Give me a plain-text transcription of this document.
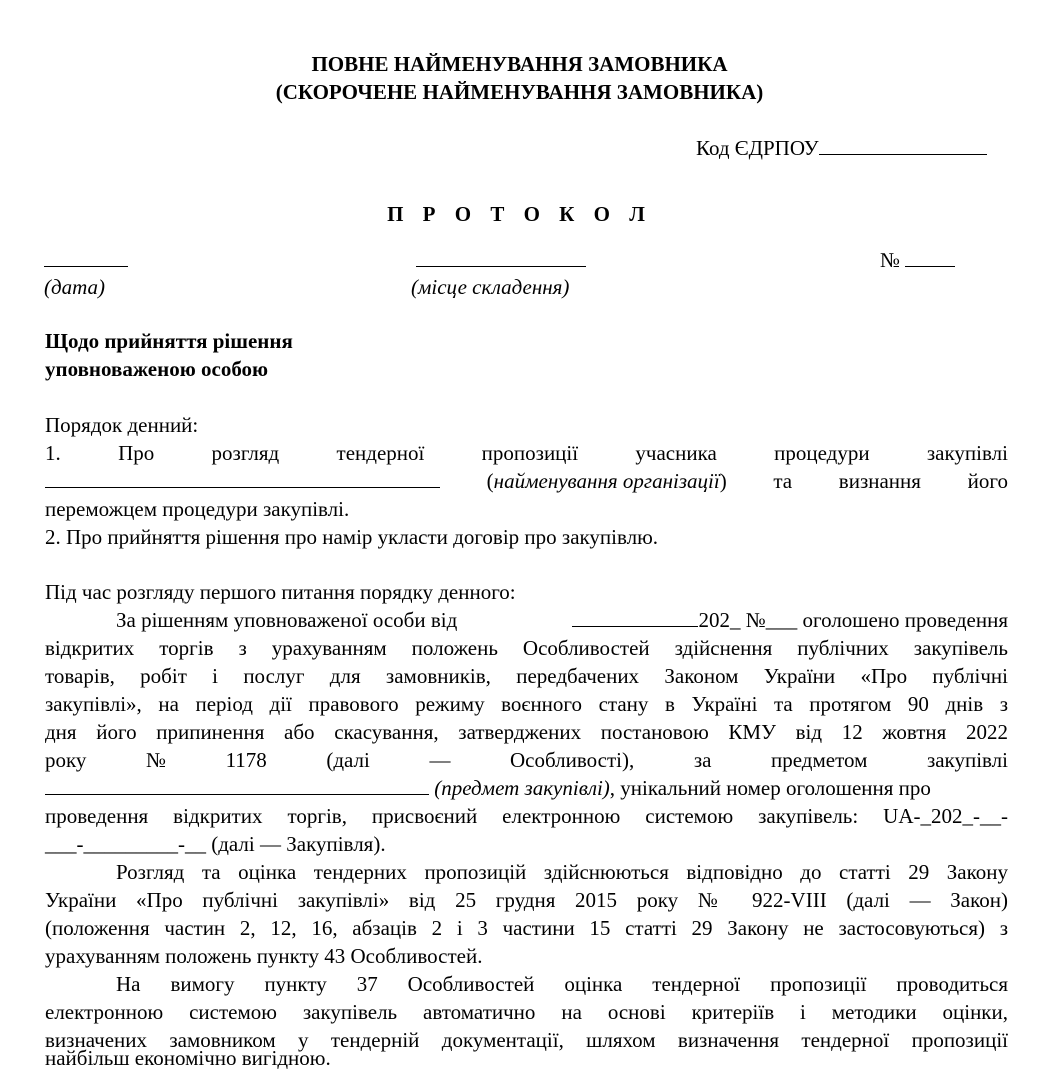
ПОВНЕ НАЙМЕНУВАННЯ ЗАМОВНИКА
(СКОРОЧЕНЕ НАЙМЕНУВАННЯ ЗАМОВНИКА)
Код ЄДРПОУ
П Р О Т О К О Л
(дата)	(місце складення)
№
Щодо прийняття рішення
уповноваженою особою
Порядок денний:
1.	Про	розгляд	тендерної	пропозиції	учасника	процедури	закупівлі
(найменування організації) та визнання його
переможцем процедури закупівлі.
2. Про прийняття рішення про намір укласти договір про закупівлю.
Під час розгляду першого питання порядку денного:
За рішенням уповноваженої особи від	202_ №___ оголошено проведення
відкритих торгів з урахуванням положень Особливостей здійснення публічних закупівель
товарів, робіт і послуг для замовників, передбачених Законом України «Про публічні
закупівлі», на період дії правового режиму воєнного стану в Україні та протягом 90 днів з
дня його припинення або скасування, затверджених постановою КМУ від 12 жовтня 2022
року	№	1178	(далі	—	Особливості),	за	предметом	закупівлі
(предмет закупівлі), унікальний номер оголошення про
проведення відкритих торгів, присвоєний електронною системою закупівель: UA-_202_-__-
___-_________-__ (далі — Закупівля).
Розгляд та оцінка тендерних пропозицій здійснюються відповідно до статті 29 Закону
України «Про публічні закупівлі» від 25 грудня 2015 року № 922-VIII (далі — Закон)
(положення частин 2, 12, 16, абзаців 2 і 3 частини 15 статті 29 Закону не застосовуються) з
урахуванням положень пункту 43 Особливостей.
На вимогу пункту 37 Особливостей оцінка тендерної пропозиції проводиться
електронною системою закупівель автоматично на основі критеріїв і методики оцінки,
визначених замовником у тендерній документації, шляхом визначення тендерної пропозиції
найбільш економічно вигідною.
